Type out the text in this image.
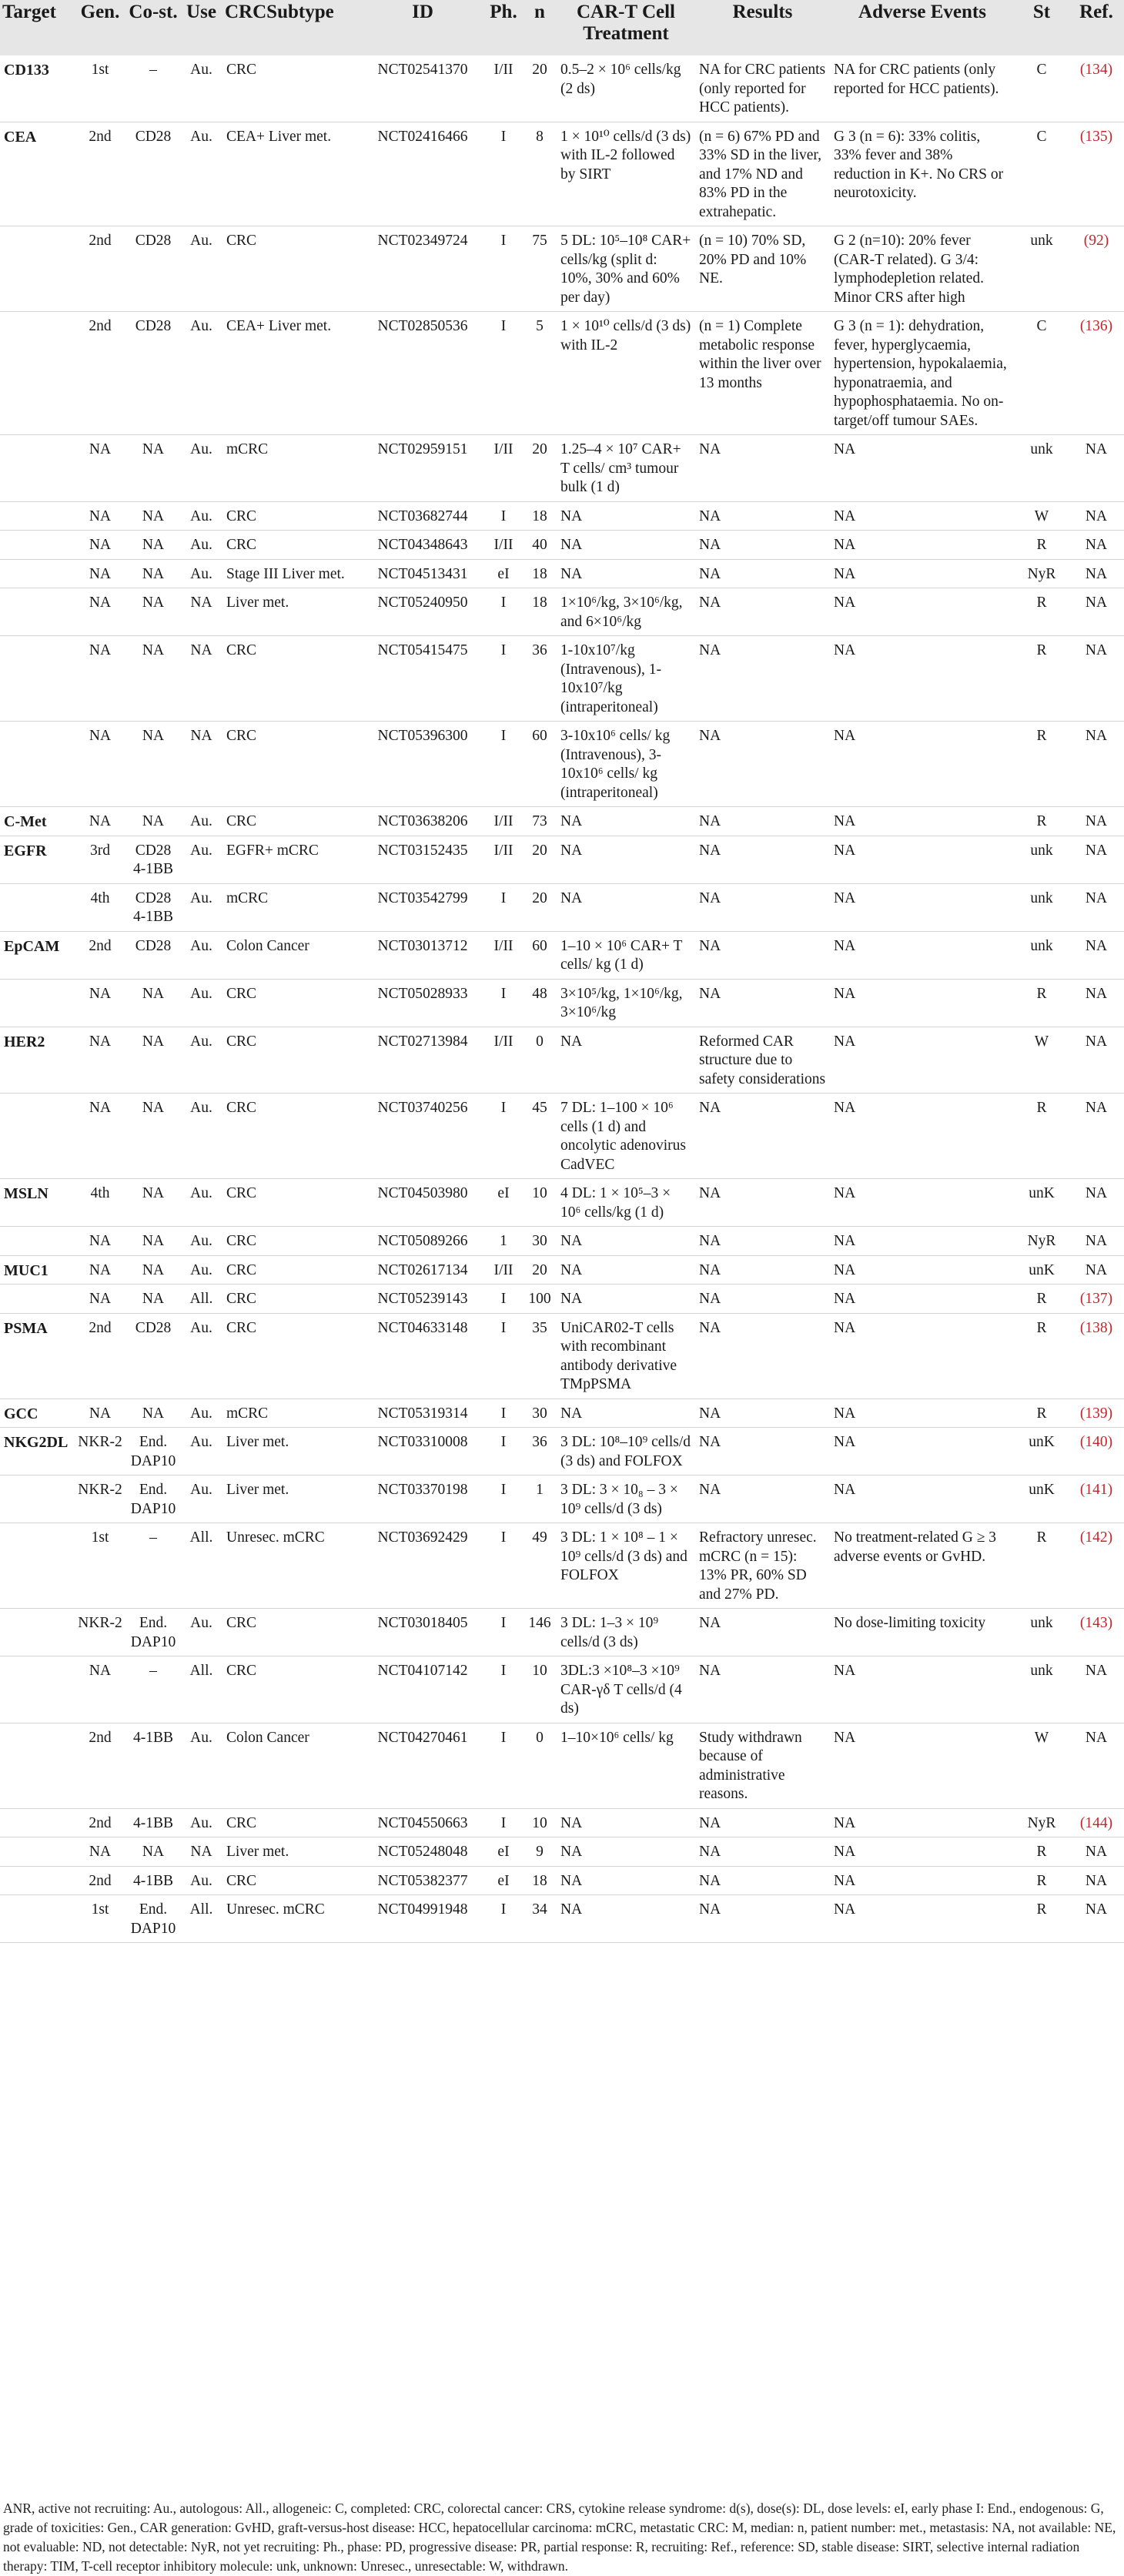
Target	Gen.	Co-st.	Use	CRCSubtype	ID	Ph.	n	CAR-T Cell Treatment	Results	Adverse Events	St	Ref.
CD133	1st	–	Au.	CRC	NCT02541370	I/II	20	0.5–2 × 10⁶ cells/kg (2 ds)	NA for CRC patients (only reported for HCC patients).	NA for CRC patients (only reported for HCC patients).	C	(134)
CEA	2nd	CD28	Au.	CEA+ Liver met.	NCT02416466	I	8	1 × 10¹⁰ cells/d (3 ds) with IL-2 followed by SIRT	(n = 6) 67% PD and 33% SD in the liver, and 17% ND and 83% PD in the extrahepatic.	G 3 (n = 6): 33% colitis, 33% fever and 38% reduction in K+. No CRS or neurotoxicity.	C	(135)
	2nd	CD28	Au.	CRC	NCT02349724	I	75	5 DL: 10⁵–10⁸ CAR+ cells/kg (split d: 10%, 30% and 60% per day)	(n = 10) 70% SD, 20% PD and 10% NE.	G 2 (n=10): 20% fever (CAR-T related). G 3/4: lymphodepletion related. Minor CRS after high	unk	(92)
	2nd	CD28	Au.	CEA+ Liver met.	NCT02850536	I	5	1 × 10¹⁰ cells/d (3 ds) with IL-2	(n = 1) Complete metabolic response within the liver over 13 months	G 3 (n = 1): dehydration, fever, hyperglycaemia, hypertension, hypokalaemia, hyponatraemia, and hypophosphataemia. No on-target/off tumour SAEs.	C	(136)
	NA	NA	Au.	mCRC	NCT02959151	I/II	20	1.25–4 × 10⁷ CAR+ T cells/ cm³ tumour bulk (1 d)	NA	NA	unk	NA
	NA	NA	Au.	CRC	NCT03682744	I	18	NA	NA	NA	W	NA
	NA	NA	Au.	CRC	NCT04348643	I/II	40	NA	NA	NA	R	NA
	NA	NA	Au.	Stage III Liver met.	NCT04513431	eI	18	NA	NA	NA	NyR	NA
	NA	NA	NA	Liver met.	NCT05240950	I	18	1×10⁶/kg, 3×10⁶/kg, and 6×10⁶/kg	NA	NA	R	NA
	NA	NA	NA	CRC	NCT05415475	I	36	1-10x10⁷/kg (Intravenous), 1-10x10⁷/kg (intraperitoneal)	NA	NA	R	NA
	NA	NA	NA	CRC	NCT05396300	I	60	3-10x10⁶ cells/ kg (Intravenous), 3-10x10⁶ cells/ kg (intraperitoneal)	NA	NA	R	NA
C-Met	NA	NA	Au.	CRC	NCT03638206	I/II	73	NA	NA	NA	R	NA
EGFR	3rd	CD28 4-1BB	Au.	EGFR+ mCRC	NCT03152435	I/II	20	NA	NA	NA	unk	NA
	4th	CD28 4-1BB	Au.	mCRC	NCT03542799	I	20	NA	NA	NA	unk	NA
EpCAM	2nd	CD28	Au.	Colon Cancer	NCT03013712	I/II	60	1–10 × 10⁶ CAR+ T cells/ kg (1 d)	NA	NA	unk	NA
	NA	NA	Au.	CRC	NCT05028933	I	48	3×10⁵/kg, 1×10⁶/kg, 3×10⁶/kg	NA	NA	R	NA
HER2	NA	NA	Au.	CRC	NCT02713984	I/II	0	NA	Reformed CAR structure due to safety considerations	NA	W	NA
	NA	NA	Au.	CRC	NCT03740256	I	45	7 DL: 1–100 × 10⁶ cells (1 d) and oncolytic adenovirus CadVEC	NA	NA	R	NA
MSLN	4th	NA	Au.	CRC	NCT04503980	eI	10	4 DL: 1 × 10⁵–3 × 10⁶ cells/kg (1 d)	NA	NA	unK	NA
	NA	NA	Au.	CRC	NCT05089266	1	30	NA	NA	NA	NyR	NA
MUC1	NA	NA	Au.	CRC	NCT02617134	I/II	20	NA	NA	NA	unK	NA
	NA	NA	All.	CRC	NCT05239143	I	100	NA	NA	NA	R	(137)
PSMA	2nd	CD28	Au.	CRC	NCT04633148	I	35	UniCAR02-T cells with recombinant antibody derivative TMpPSMA	NA	NA	R	(138)
GCC	NA	NA	Au.	mCRC	NCT05319314	I	30	NA	NA	NA	R	(139)
NKG2DL	NKR-2	End. DAP10	Au.	Liver met.	NCT03310008	I	36	3 DL: 10⁸–10⁹ cells/d (3 ds) and FOLFOX	NA	NA	unK	(140)
	NKR-2	End. DAP10	Au.	Liver met.	NCT03370198	I	1	3 DL: 3 × 10₈ – 3 × 10⁹ cells/d (3 ds)	NA	NA	unK	(141)
	1st	–	All.	Unresec. mCRC	NCT03692429	I	49	3 DL: 1 × 10⁸ – 1 × 10⁹ cells/d (3 ds) and FOLFOX	Refractory unresec. mCRC (n = 15): 13% PR, 60% SD and 27% PD.	No treatment-related G ≥ 3 adverse events or GvHD.	R	(142)
	NKR-2	End. DAP10	Au.	CRC	NCT03018405	I	146	3 DL: 1–3 × 10⁹ cells/d (3 ds)	NA	No dose-limiting toxicity	unk	(143)
	NA	–	All.	CRC	NCT04107142	I	10	3DL:3 ×10⁸–3 ×10⁹ CAR-γδ T cells/d (4 ds)	NA	NA	unk	NA
	2nd	4-1BB	Au.	Colon Cancer	NCT04270461	I	0	1–10×10⁶ cells/ kg	Study withdrawn because of administrative reasons.	NA	W	NA
	2nd	4-1BB	Au.	CRC	NCT04550663	I	10	NA	NA	NA	NyR	(144)
	NA	NA	NA	Liver met.	NCT05248048	eI	9	NA	NA	NA	R	NA
	2nd	4-1BB	Au.	CRC	NCT05382377	eI	18	NA	NA	NA	R	NA
	1st	End. DAP10	All.	Unresec. mCRC	NCT04991948	I	34	NA	NA	NA	R	NA
ANR, active not recruiting: Au., autologous: All., allogeneic: C, completed: CRC, colorectal cancer: CRS, cytokine release syndrome: d(s), dose(s): DL, dose levels: eI, early phase I: End., endogenous: G, grade of toxicities: Gen., CAR generation: GvHD, graft-versus-host disease: HCC, hepatocellular carcinoma: mCRC, metastatic CRC: M, median: n, patient number: met., metastasis: NA, not available: NE, not evaluable: ND, not detectable: NyR, not yet recruiting: Ph., phase: PD, progressive disease: PR, partial response: R, recruiting: Ref., reference: SD, stable disease: SIRT, selective internal radiation therapy: TIM, T-cell receptor inhibitory molecule: unk, unknown: Unresec., unresectable: W, withdrawn.
